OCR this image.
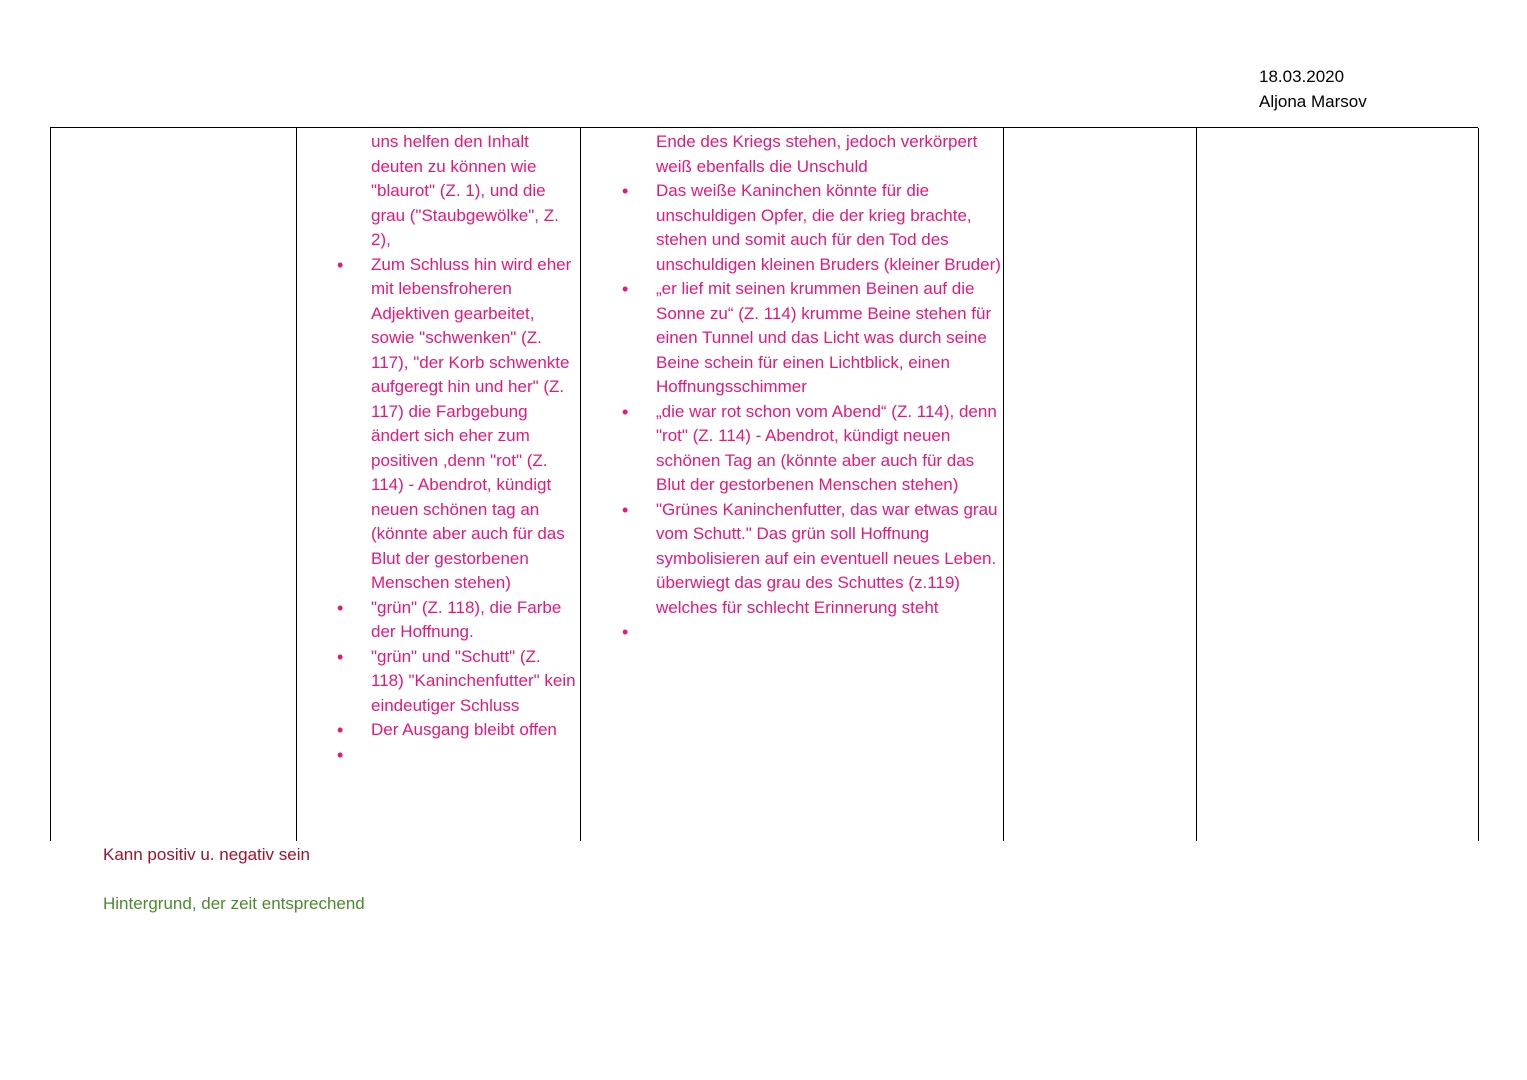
18.03.2020
Aljona Marsov
uns helfen den Inhalt deuten zu können wie "blaurot" (Z. 1), und die grau ("Staubgewölke", Z. 2),
• Zum Schluss hin wird eher mit lebensfroheren Adjektiven gearbeitet, sowie "schwenken" (Z. 117), "der Korb schwenkte aufgeregt hin und her" (Z. 117) die Farbgebung ändert sich eher zum positiven ,denn "rot" (Z. 114) - Abendrot, kündigt neuen schönen tag an (könnte aber auch für das Blut der gestorbenen Menschen stehen)
• "grün" (Z. 118), die Farbe der Hoffnung.
• "grün" und "Schutt" (Z. 118) "Kaninchenfutter" kein eindeutiger Schluss
• Der Ausgang bleibt offen
•
Ende des Kriegs stehen, jedoch verkörpert weiß ebenfalls die Unschuld
• Das weiße Kaninchen könnte für die unschuldigen Opfer, die der krieg brachte, stehen und somit auch für den Tod des unschuldigen kleinen Bruders (kleiner Bruder)
• „er lief mit seinen krummen Beinen auf die Sonne zu“ (Z. 114) krumme Beine stehen für einen Tunnel und das Licht was durch seine Beine schein für einen Lichtblick, einen Hoffnungsschimmer
• „die war rot schon vom Abend“ (Z. 114), denn "rot" (Z. 114) - Abendrot, kündigt neuen schönen Tag an (könnte aber auch für das Blut der gestorbenen Menschen stehen)
• "Grünes Kaninchenfutter, das war etwas grau vom Schutt." Das grün soll Hoffnung symbolisieren auf ein eventuell neues Leben. überwiegt das grau des Schuttes (z.119) welches für schlecht Erinnerung steht
•
Kann positiv u. negativ sein
Hintergrund, der zeit entsprechend
